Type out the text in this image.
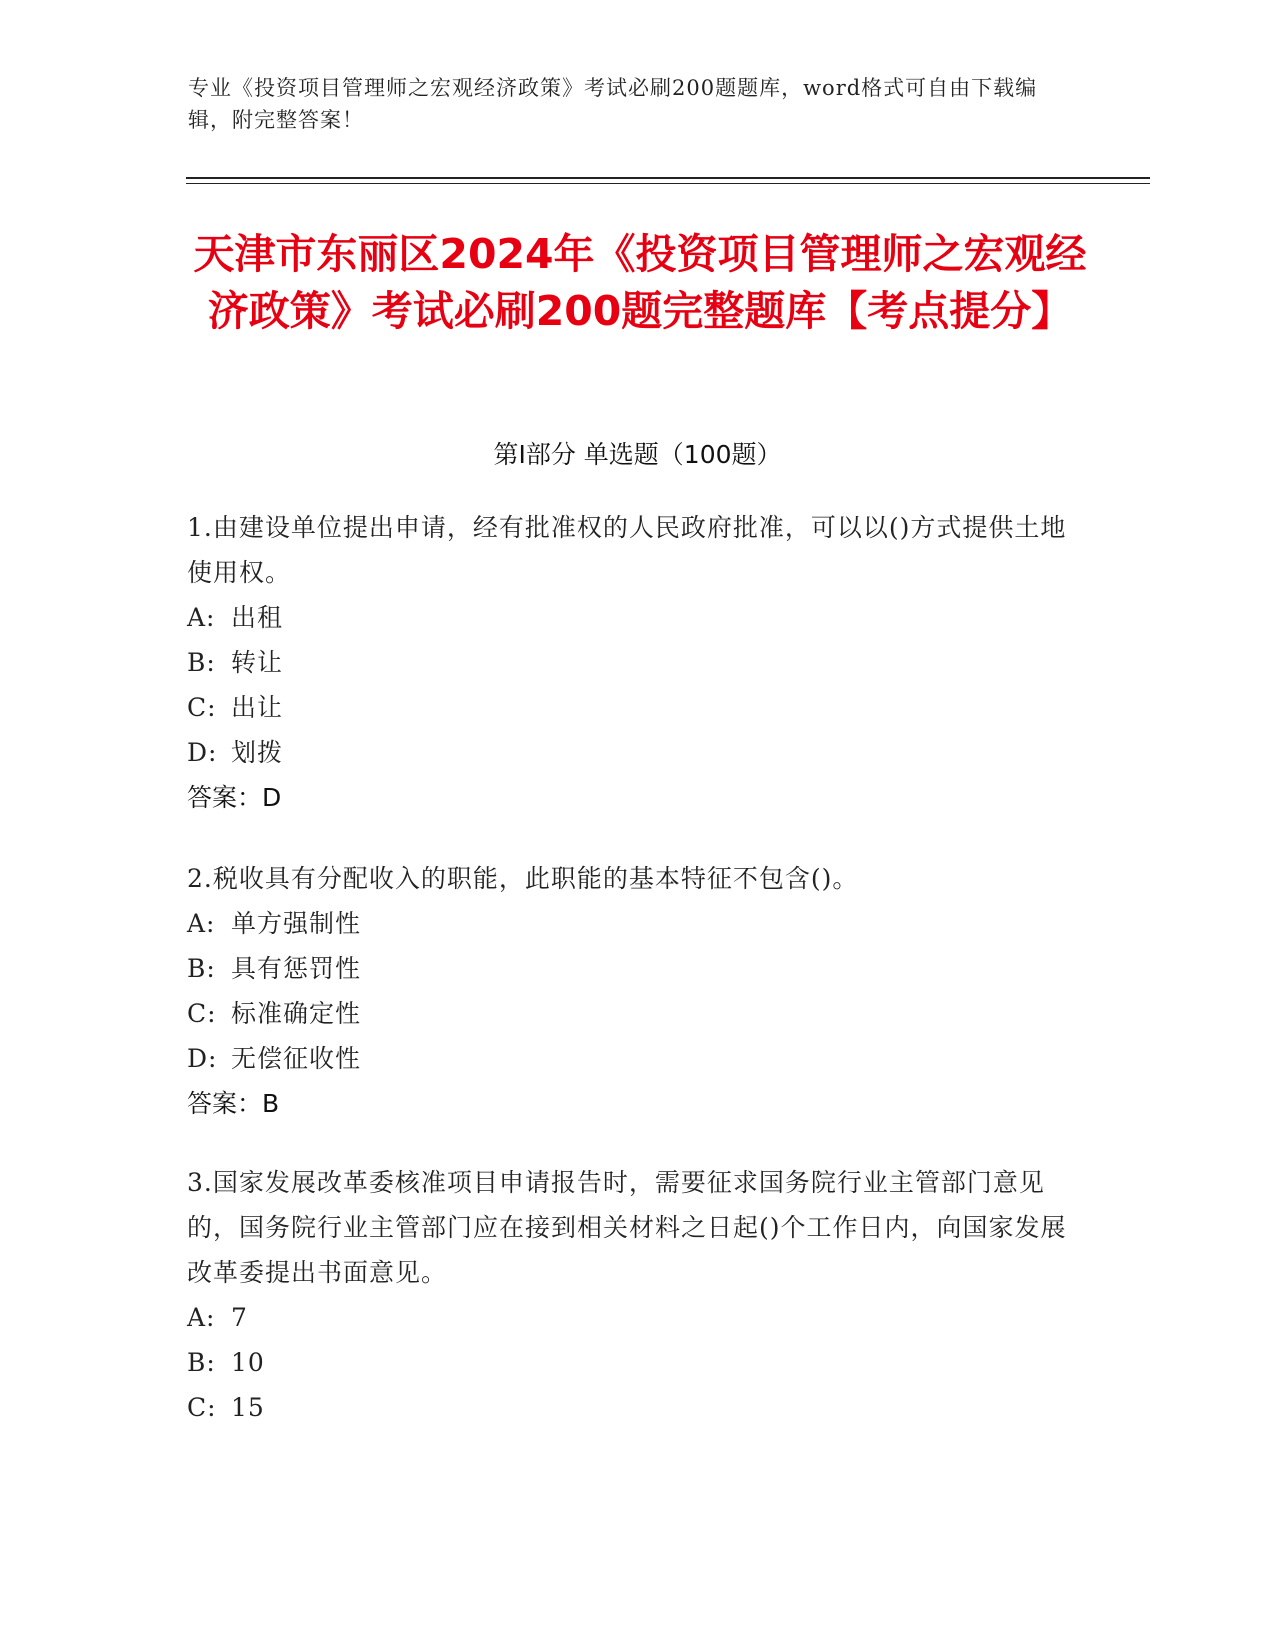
专业《投资项目管理师之宏观经济政策》考试必刷200题题库，word格式可自由下载编辑，附完整答案！
天津市东丽区2024年《投资项目管理师之宏观经济政策》考试必刷200题完整题库【考点提分】
第Ⅰ部分 单选题（100题）
1.由建设单位提出申请，经有批准权的人民政府批准，可以以()方式提供土地使用权。
A: 出租
B: 转让
C: 出让
D: 划拨
答案：D
2.税收具有分配收入的职能，此职能的基本特征不包含()。
A: 单方强制性
B: 具有惩罚性
C: 标准确定性
D: 无偿征收性
答案：B
3.国家发展改革委核准项目申请报告时，需要征求国务院行业主管部门意见的，国务院行业主管部门应在接到相关材料之日起()个工作日内，向国家发展改革委提出书面意见。
A: 7
B: 10
C: 15
